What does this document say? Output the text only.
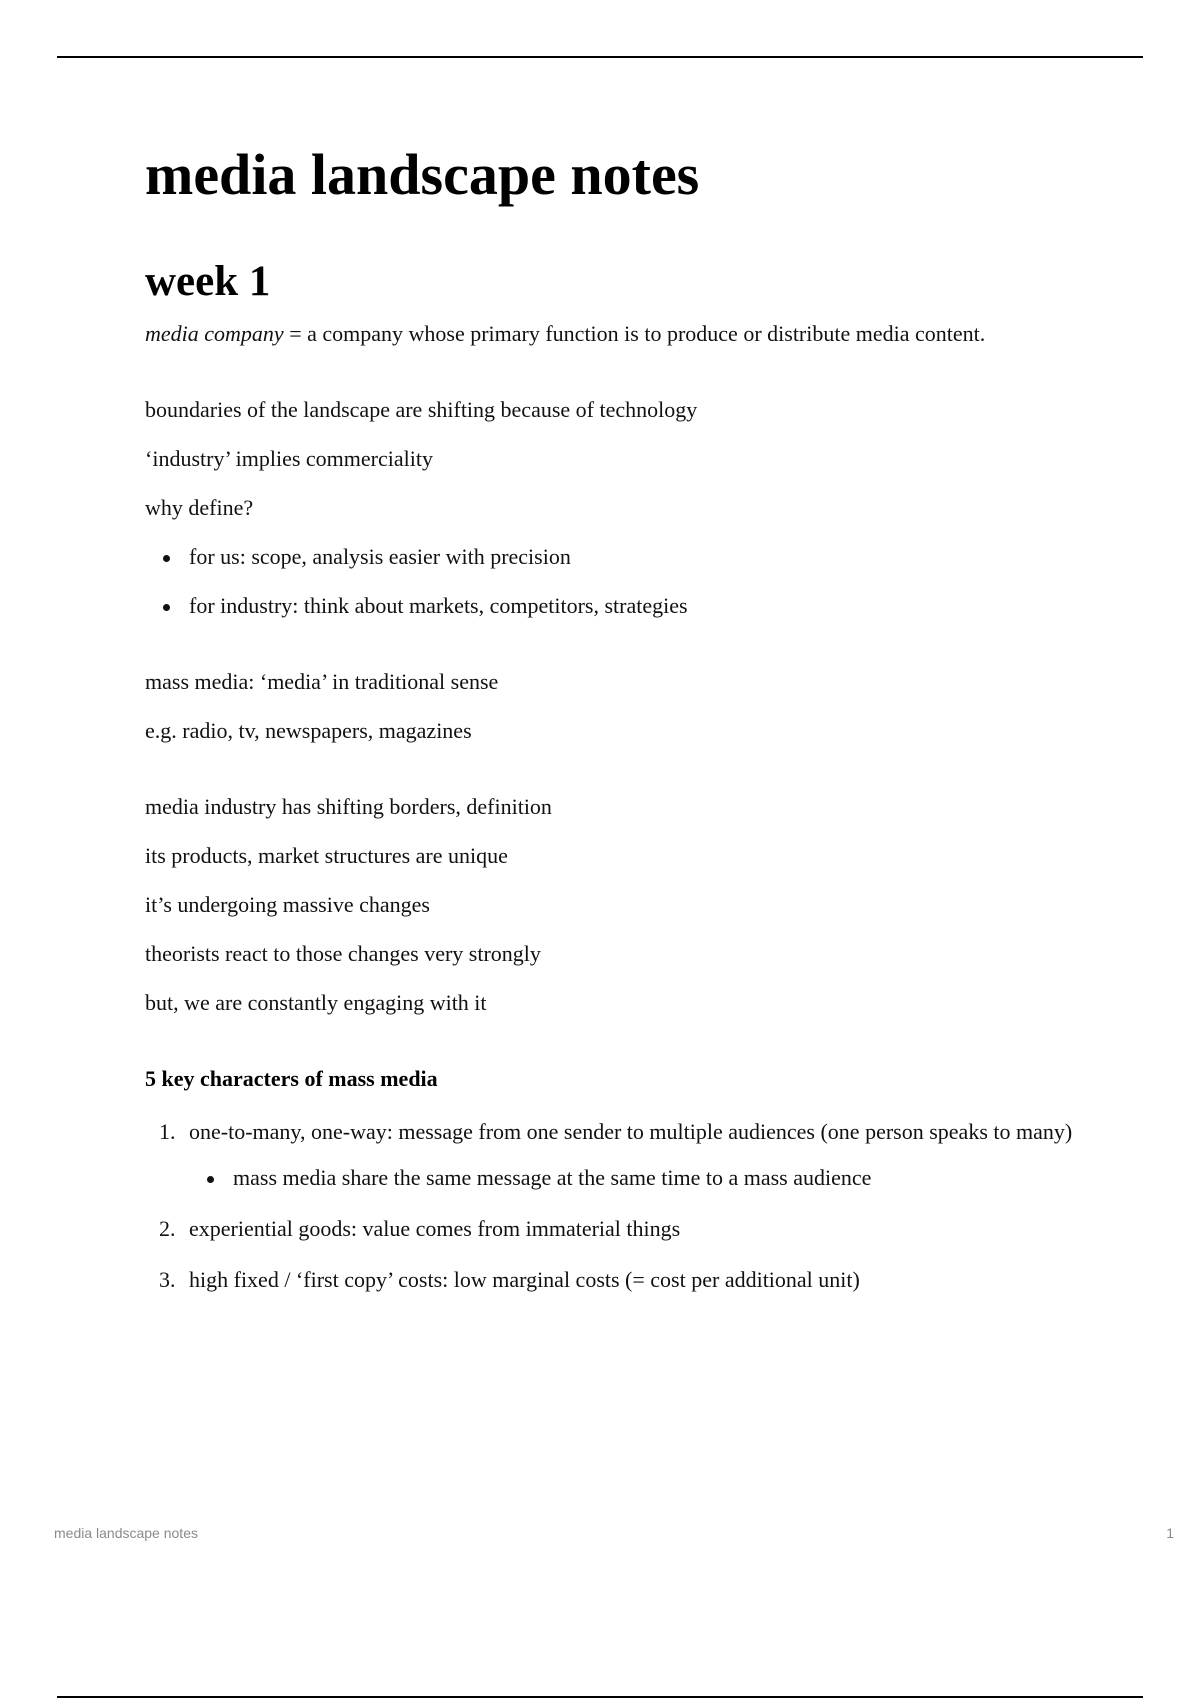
media landscape notes
week 1

media company = a company whose primary function is to produce or distribute media content.

boundaries of the landscape are shifting because of technology

‘industry’ implies commerciality

why define?

for us: scope, analysis easier with precision
for industry: think about markets, competitors, strategies

mass media: ‘media’ in traditional sense

e.g. radio, tv, newspapers, magazines

media industry has shifting borders, definition

its products, market structures are unique

it’s undergoing massive changes

theorists react to those changes very strongly

but, we are constantly engaging with it

5 key characters of mass media

1. one-to-many, one-way: message from one sender to multiple audiences (one person speaks to many)
mass media share the same message at the same time to a mass audience
2. experiential goods: value comes from immaterial things
3. high fixed / ‘first copy’ costs: low marginal costs (= cost per additional unit)
media landscape notes	1
